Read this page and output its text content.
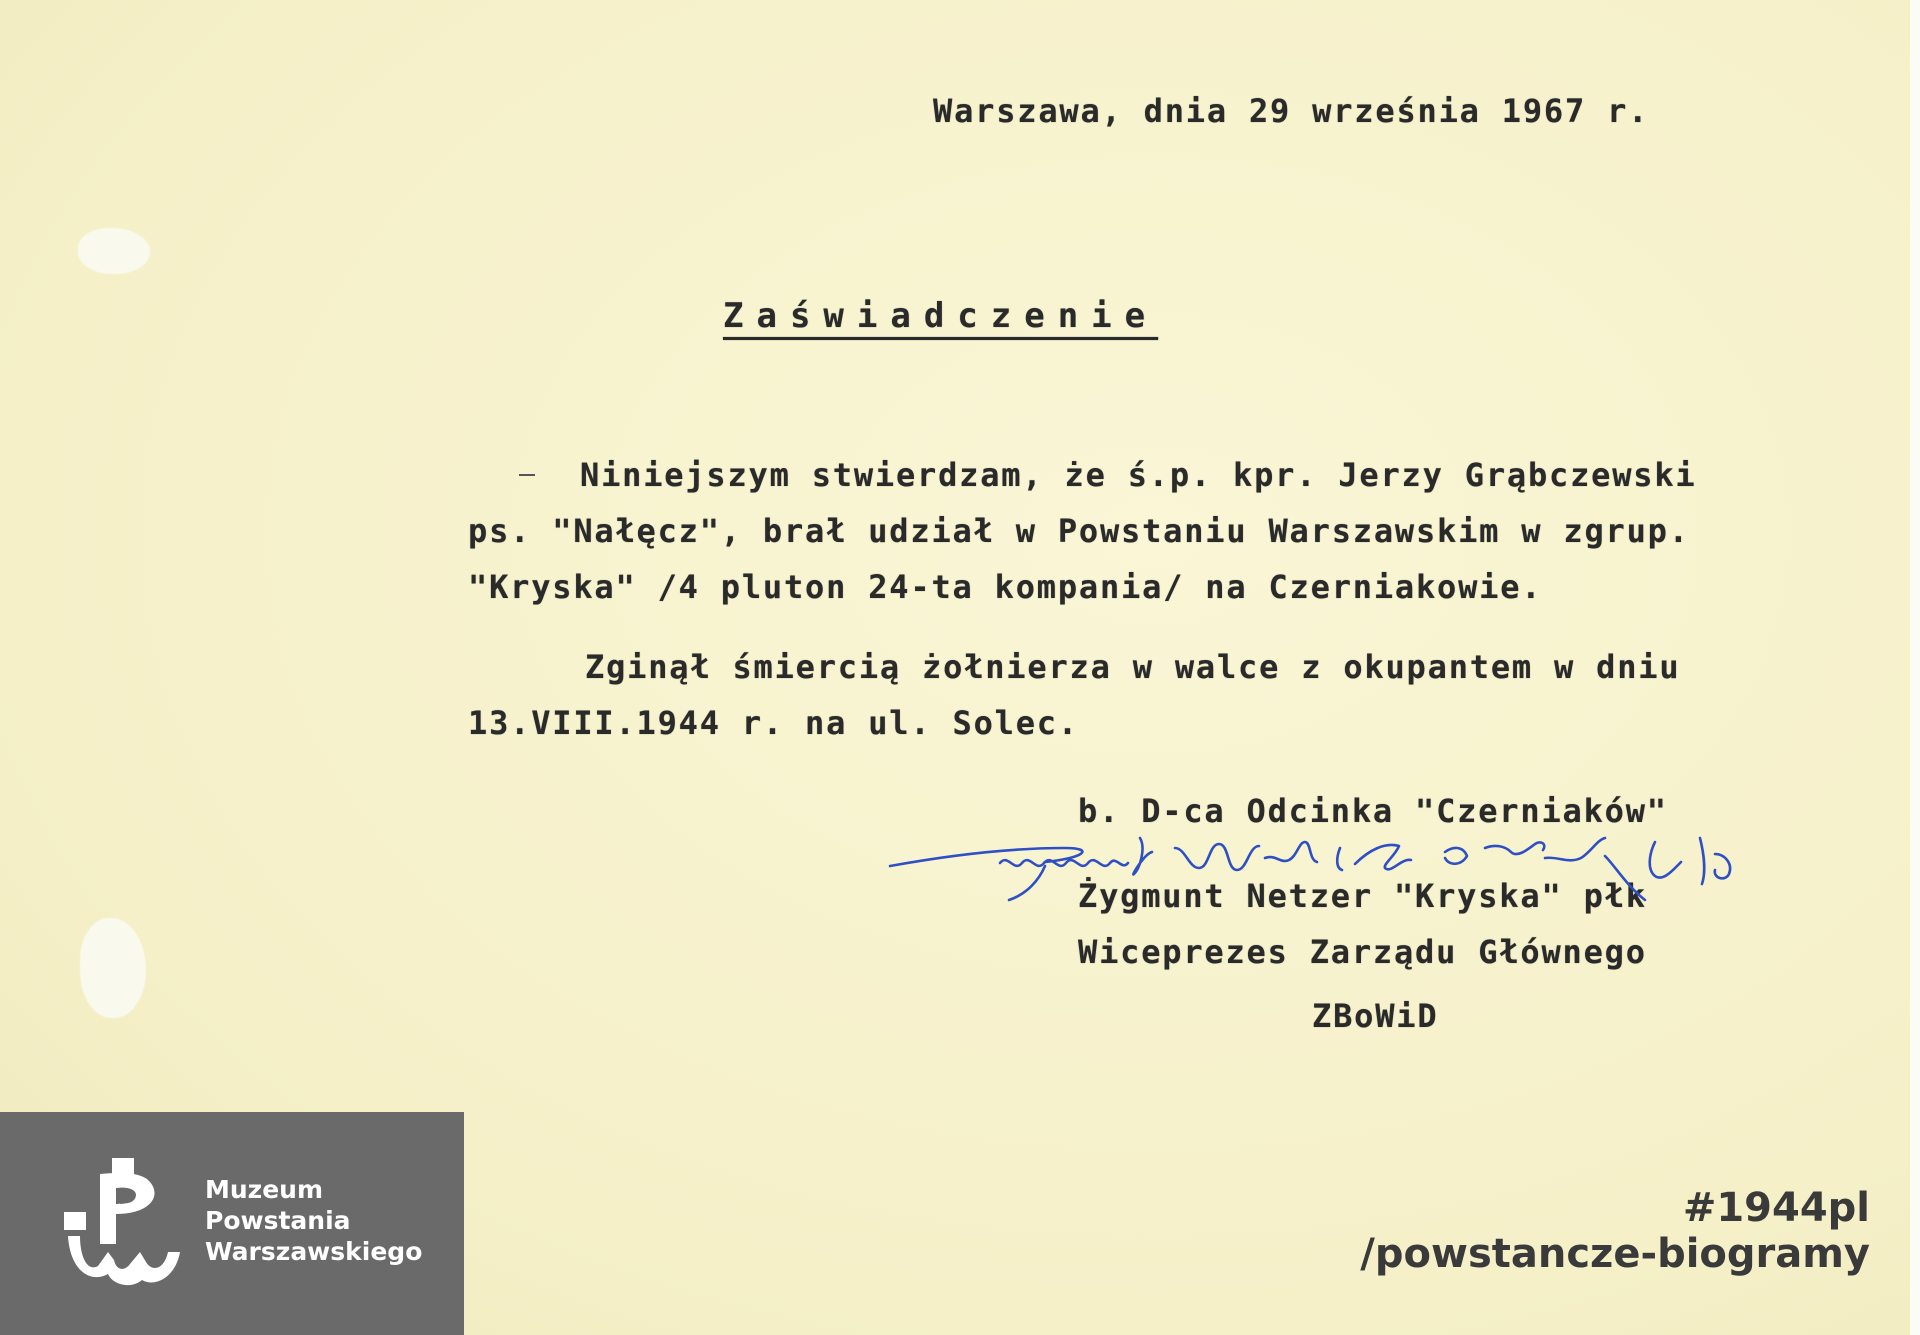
Warszawa, dnia 29 września 1967 r.
Zaświadczenie
Niniejszym stwierdzam, że ś.p. kpr. Jerzy Grąbczewski
ps. "Nałęcz", brał udział w Powstaniu Warszawskim w zgrup.
"Kryska" /4 pluton 24-ta kompania/ na Czerniakowie.
Zginął śmiercią żołnierza w walce z okupantem w dniu
13.VIII.1944 r. na ul. Solec.
b. D-ca Odcinka "Czerniaków"
Żygmunt Netzer "Kryska" płk
Wiceprezes Zarządu Głównego
ZBoWiD
Muzeum
Powstania
Warszawskiego
#1944pl
/powstancze-biogramy
